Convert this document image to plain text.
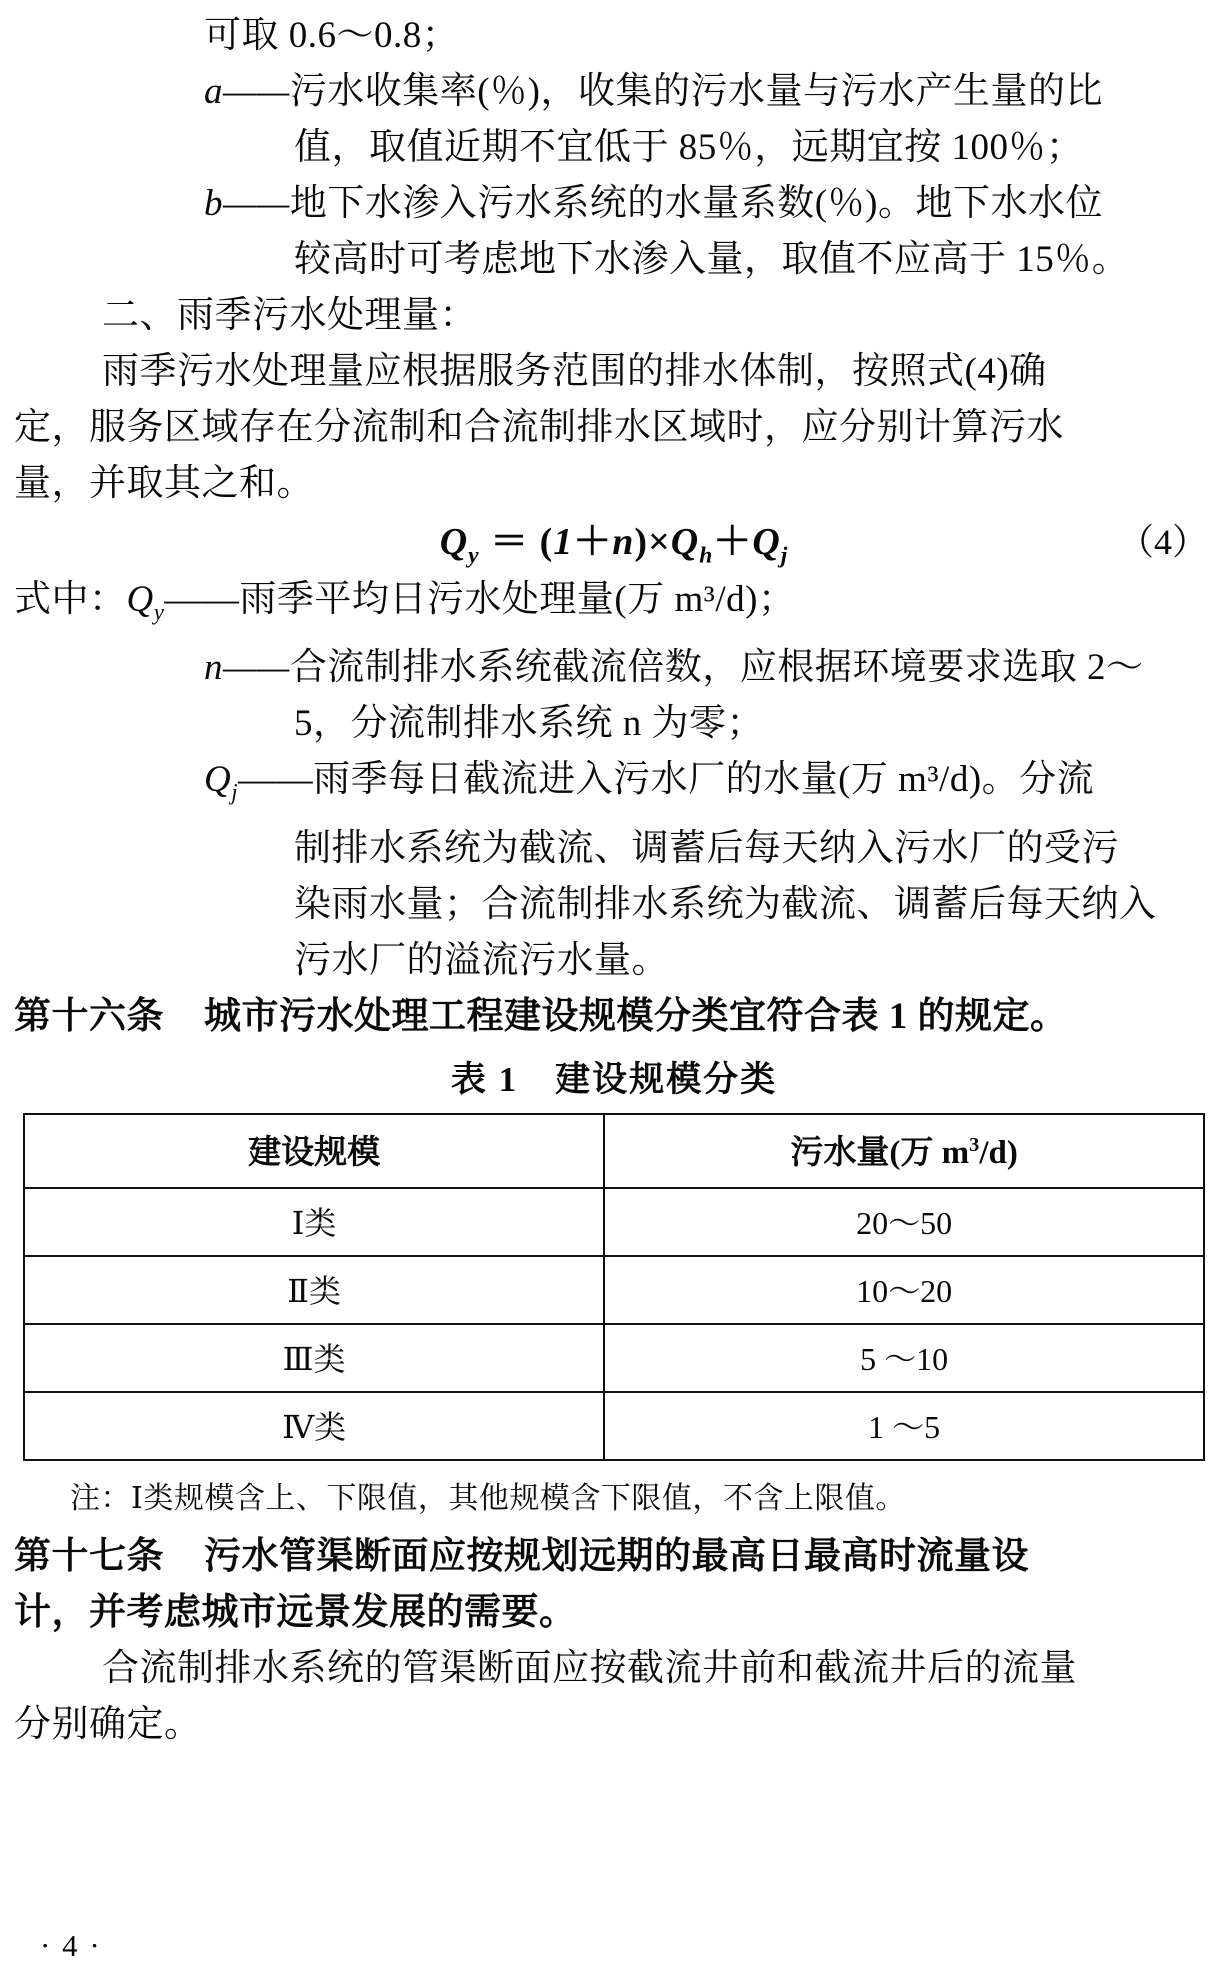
可取 0.6～0.8；
a —— 污水收集率(％)，收集的污水量与污水产生量的比
值，取值近期不宜低于 85％，远期宜按 100％；
b —— 地下水渗入污水系统的水量系数(％)。地下水水位
较高时可考虑地下水渗入量，取值不应高于 15％。
二、雨季污水处理量：
雨季污水处理量应根据服务范围的排水体制，按照式(4)确
定，服务区域存在分流制和合流制排水区域时，应分别计算污水
量，并取其之和。
$Q_y = (1+n)\times Q_h+Q_j$	（4）
式中：$Q_y——$雨季平均日污水处理量(万 m³/d)；
n —— 合流制排水系统截流倍数，应根据环境要求选取 2～
5，分流制排水系统 n 为零；
$Q_j——$雨季每日截流进入污水厂的水量(万 m³/d)。分流
制排水系统为截流、调蓄后每天纳入污水厂的受污
染雨水量；合流制排水系统为截流、调蓄后每天纳入
污水厂的溢流污水量。
第十六条 城市污水处理工程建设规模分类宜符合表 1 的规定。
表 1　建设规模分类
建设规模	污水量(万 $m^3/d$)
Ⅰ类	20～50
Ⅱ类	10～20
Ⅲ类	5 ～10
Ⅳ类	1 ～5
注：Ⅰ类规模含上、下限值，其他规模含下限值，不含上限值。
第十七条 污水管渠断面应按规划远期的最高日最高时流量设
计，并考虑城市远景发展的需要。
合流制排水系统的管渠断面应按截流井前和截流井后的流量
分别确定。
· 4 ·
